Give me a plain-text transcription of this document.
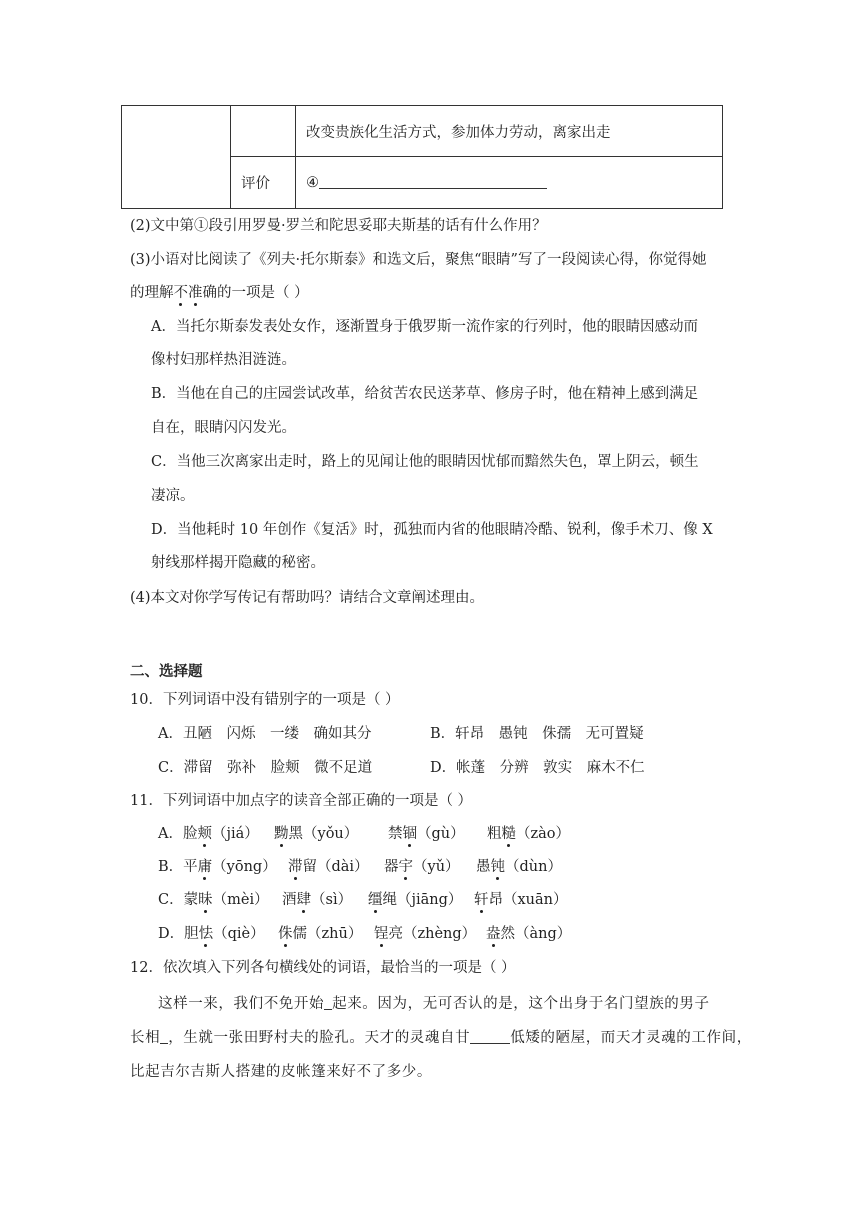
		改变贵族化生活方式，参加体力劳动，离家出走
	评价	④
(2)文中第①段引用罗曼·罗兰和陀思妥耶夫斯基的话有什么作用？
(3)小语对比阅读了《列夫·托尔斯泰》和选文后，聚焦“眼睛”写了一段阅读心得，你觉得她
的理解不准确的一项是（ ）
A．当托尔斯泰发表处女作，逐渐置身于俄罗斯一流作家的行列时，他的眼睛因感动而
像村妇那样热泪涟涟。
B．当他在自己的庄园尝试改革，给贫苦农民送茅草、修房子时，他在精神上感到满足
自在，眼睛闪闪发光。
C．当他三次离家出走时，路上的见闻让他的眼睛因忧郁而黯然失色，罩上阴云，顿生
凄凉。
D．当他耗时 10 年创作《复活》时，孤独而内省的他眼睛冷酷、锐利，像手术刀、像 X
射线那样揭开隐藏的秘密。
(4)本文对你学写传记有帮助吗？请结合文章阐述理由。
二、选择题
10．下列词语中没有错别字的一项是（ ）
A．丑陋　闪烁　一缕　确如其分	B．轩昂　愚钝　侏孺　无可置疑
C．滞留　弥补　脸颊　微不足道	D．帐蓬　分辨　敦实　麻木不仁
11．下列词语中加点字的读音全部正确的一项是（ ）
A．脸颊（jiá） 黝黑（yǒu） 禁锢（gù） 粗糙（zào）
B．平庸（yōng） 滞留（dài） 器宇（yǔ） 愚钝（dùn）
C．蒙昧（mèi） 酒肆（sì） 缰绳（jiāng） 轩昂（xuān）
D．胆怯（qiè） 侏儒（zhū） 锃亮（zhèng） 盎然（àng）
12．依次填入下列各句横线处的词语，最恰当的一项是（ ）
这样一来，我们不免开始 起来。因为，无可否认的是，这个出身于名门望族的男子
长相 ，生就一张田野村夫的脸孔。天才的灵魂自甘	低矮的陋屋，而天才灵魂的工作间，
比起吉尔吉斯人搭建的皮帐篷来好不了多少。
